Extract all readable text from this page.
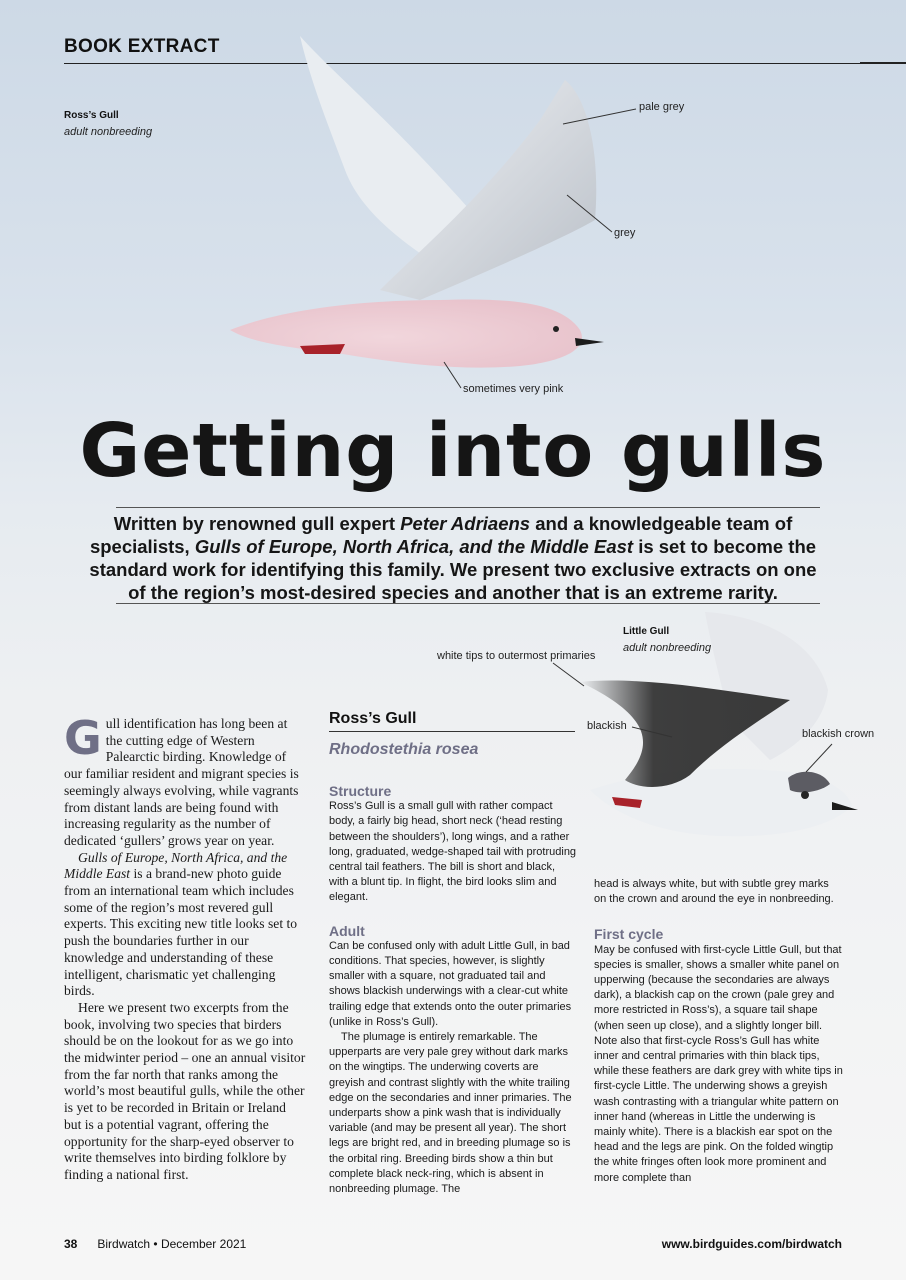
BOOK EXTRACT
Ross’s Gull
adult nonbreeding
pale grey
grey
sometimes very pink
Getting into gulls
Written by renowned gull expert Peter Adriaens and a knowledgeable team of
specialists, Gulls of Europe, North Africa, and the Middle East is set to become the
standard work for identifying this family. We present two exclusive extracts on one
of the region’s most-desired species and another that is an extreme rarity.
Little Gull
adult nonbreeding
white tips to outermost primaries
blackish
blackish crown

Gull identification has long been at the cutting edge of Western Palearctic birding. Knowledge of our familiar resident and migrant species is seemingly always evolving, while vagrants from distant lands are being found with increasing regularity as the number of dedicated ‘gullers’ grows year on year.

Gulls of Europe, North Africa, and the Middle East is a brand-new photo guide from an international team which includes some of the region’s most revered gull experts. This exciting new title looks set to push the boundaries further in our knowledge and understanding of these intelligent, charismatic yet challenging birds.

Here we present two excerpts from the book, involving two species that birders should be on the lookout for as we go into the midwinter period – one an annual visitor from the far north that ranks among the world’s most beautiful gulls, while the other is yet to be recorded in Britain or Ireland but is a potential vagrant, offering the opportunity for the sharp-eyed observer to write themselves into birding folklore by finding a national first.

Ross’s Gull
Rhodostethia rosea
Structure

Ross’s Gull is a small gull with rather compact body, a fairly big head, short neck (‘head resting between the shoulders’), long wings, and a rather long, graduated, wedge-shaped tail with protruding central tail feathers. The bill is short and black, with a blunt tip. In flight, the bird looks slim and elegant.

Adult

Can be confused only with adult Little Gull, in bad conditions. That species, however, is slightly smaller with a square, not graduated tail and shows blackish underwings with a clear-cut white trailing edge that extends onto the outer primaries (unlike in Ross’s Gull).

The plumage is entirely remarkable. The upperparts are very pale grey without dark marks on the wingtips. The underwing coverts are greyish and contrast slightly with the white trailing edge on the secondaries and inner primaries. The underparts show a pink wash that is individually variable (and may be present all year). The short legs are bright red, and in breeding plumage so is the orbital ring. Breeding birds show a thin but complete black neck-ring, which is absent in nonbreeding plumage. The

head is always white, but with subtle grey marks on the crown and around the eye in nonbreeding.

First cycle

May be confused with first-cycle Little Gull, but that species is smaller, shows a smaller white panel on upperwing (because the secondaries are always dark), a blackish cap on the crown (pale grey and more restricted in Ross’s), a square tail shape (when seen up close), and a slightly longer bill. Note also that first-cycle Ross’s Gull has white inner and central primaries with thin black tips, while these feathers are dark grey with white tips in first-cycle Little. The underwing shows a greyish wash contrasting with a triangular white pattern on inner hand (whereas in Little the underwing is mainly white). There is a blackish ear spot on the head and the legs are pink. On the folded wingtip the white fringes often look more prominent and more complete than

38 Birdwatch • December 2021	www.birdguides.com/birdwatch
